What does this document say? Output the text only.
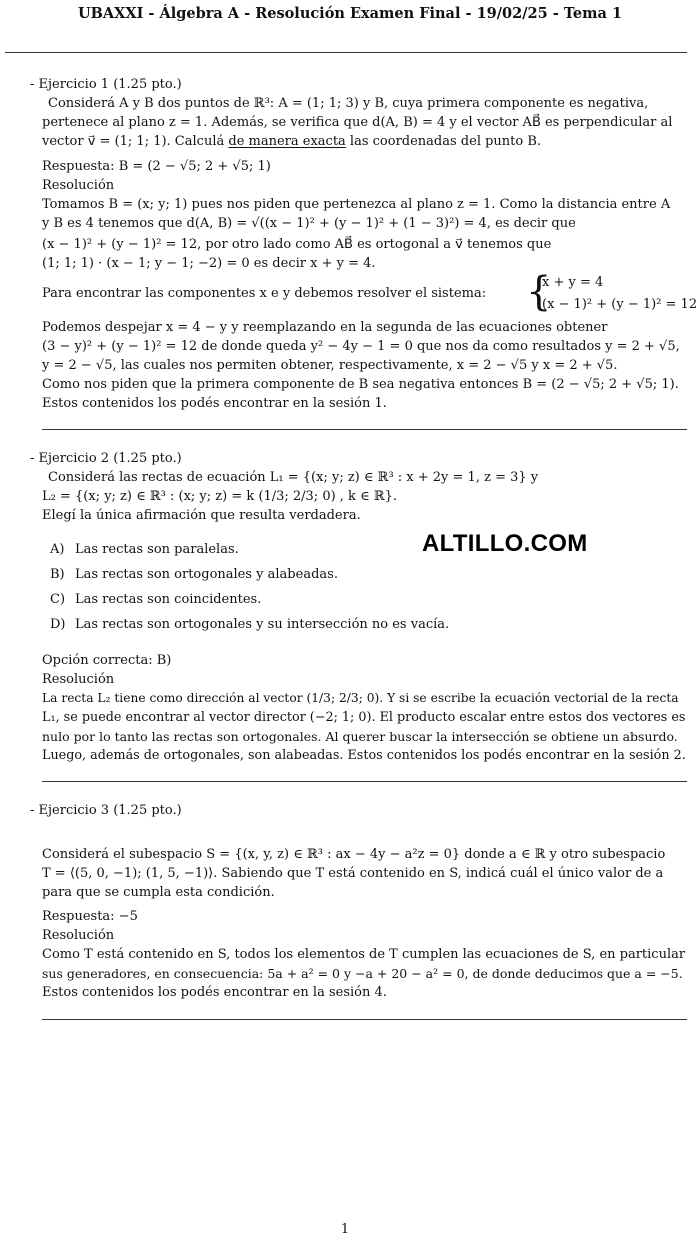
UBAXXI - Álgebra A - Resolución Examen Final - 19/02/25 - Tema 1
- Ejercicio 1 (1.25 pto.)
Considerá A y B dos puntos de ℝ³: A = (1; 1; 3) y B, cuya primera componente es negativa,
pertenece al plano z = 1. Además, se verifica que d(A, B) = 4 y el vector AB⃗ es perpendicular al
vector v⃗ = (1; 1; 1). Calculá de manera exacta las coordenadas del punto B.
Respuesta: B = (2 − √5; 2 + √5; 1)
Resolución
Tomamos B = (x; y; 1) pues nos piden que pertenezca al plano z = 1. Como la distancia entre A
y B es 4 tenemos que d(A, B) = √((x − 1)² + (y − 1)² + (1 − 3)²) = 4, es decir que
(x − 1)² + (y − 1)² = 12, por otro lado como AB⃗ es ortogonal a v⃗ tenemos que
(1; 1; 1) · (x − 1; y − 1; −2) = 0 es decir x + y = 4.
Para encontrar las componentes x e y debemos resolver el sistema: {
x + y = 4
(x − 1)² + (y − 1)² = 12
Podemos despejar x = 4 − y y reemplazando en la segunda de las ecuaciones obtener
(3 − y)² + (y − 1)² = 12 de donde queda y² − 4y − 1 = 0 que nos da como resultados y = 2 + √5,
y = 2 − √5, las cuales nos permiten obtener, respectivamente, x = 2 − √5 y x = 2 + √5.
Como nos piden que la primera componente de B sea negativa entonces B = (2 − √5; 2 + √5; 1).
Estos contenidos los podés encontrar en la sesión 1.
- Ejercicio 2 (1.25 pto.)
Considerá las rectas de ecuación L₁ = {(x; y; z) ∈ ℝ³ : x + 2y = 1, z = 3} y
L₂ = {(x; y; z) ∈ ℝ³ : (x; y; z) = k (1/3; 2/3; 0) , k ∈ ℝ}.
Elegí la única afirmación que resulta verdadera.
A) Las rectas son paralelas.
B) Las rectas son ortogonales y alabeadas.
C) Las rectas son coincidentes.
D) Las rectas son ortogonales y su intersección no es vacía.
Opción correcta: B)
Resolución
La recta L₂ tiene como dirección al vector (1/3; 2/3; 0). Y si se escribe la ecuación vectorial de la recta
L₁, se puede encontrar al vector director (−2; 1; 0). El producto escalar entre estos dos vectores es
nulo por lo tanto las rectas son ortogonales. Al querer buscar la intersección se obtiene un absurdo.
Luego, además de ortogonales, son alabeadas. Estos contenidos los podés encontrar en la sesión 2.
- Ejercicio 3 (1.25 pto.)
Considerá el subespacio S = {(x, y, z) ∈ ℝ³ : ax − 4y − a²z = 0} donde a ∈ ℝ y otro subespacio
T = ⟨(5, 0, −1); (1, 5, −1)⟩. Sabiendo que T está contenido en S, indicá cuál el único valor de a
para que se cumpla esta condición.
Respuesta: −5
Resolución
Como T está contenido en S, todos los elementos de T cumplen las ecuaciones de S, en particular
sus generadores, en consecuencia: 5a + a² = 0 y −a + 20 − a² = 0, de donde deducimos que a = −5.
Estos contenidos los podés encontrar en la sesión 4.
ALTILLO.COM
1
